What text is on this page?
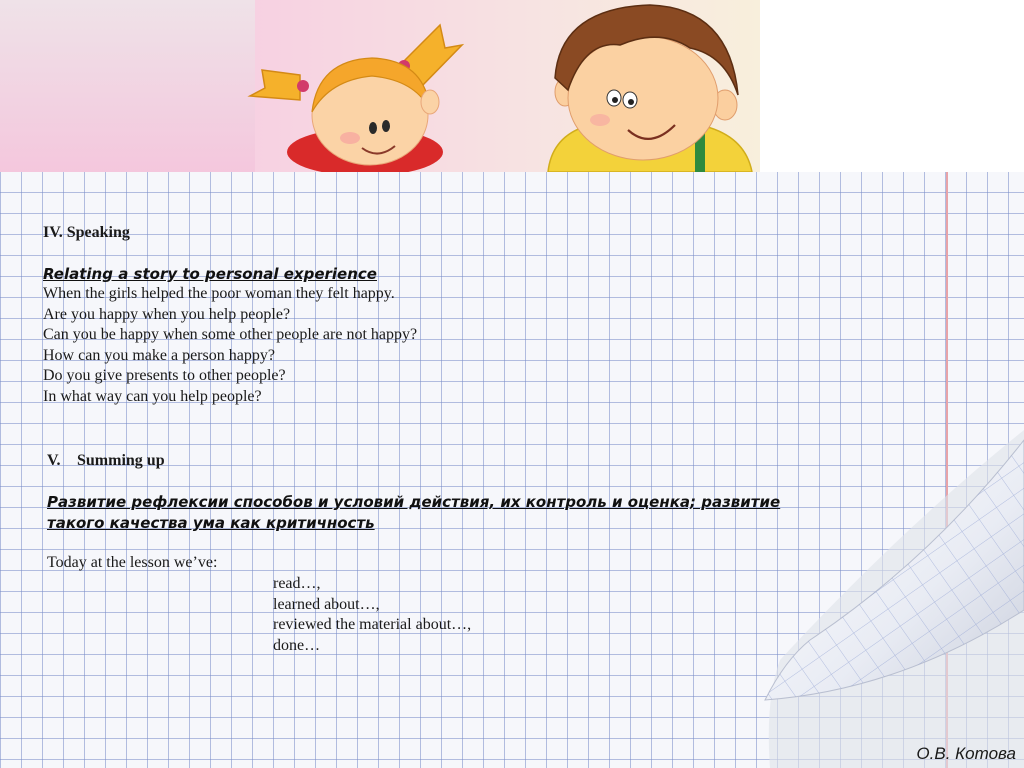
IV. Speaking
Relating a story to personal experience
When the girls helped the poor woman they felt happy.
Are you happy when you help people?
Can you be happy when some other people are not happy?
How can you make a person happy?
Do you give presents to other people?
In what way can you help people?
V. Summing up
Развитие рефлексии способов и условий действия, их контроль и оценка; развитие
такого качества ума как критичность
Today at the lesson we’ve:
read…,
learned about…,
reviewed the material about…,
done…
О.В. Котова
